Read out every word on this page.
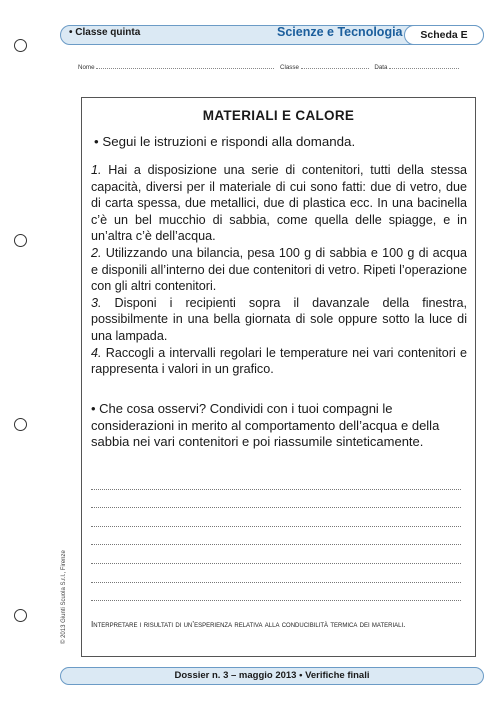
• Classe quinta	Scienze e Tecnologia	Scheda E
Nome	Classe	Data
MATERIALI E CALORE
• Segui le istruzioni e rispondi alla domanda.

1. Hai a disposizione una serie di contenitori, tutti della stessa capacità, diversi per il materiale di cui sono fatti: due di vetro, due di carta spessa, due metallici, due di plastica ecc. In una bacinella c’è un bel mucchio di sabbia, come quella delle spiagge, e in un’altra c’è dell’acqua.

2. Utilizzando una bilancia, pesa 100 g di sabbia e 100 g di acqua e disponili all’interno dei due contenitori di vetro. Ripeti l’operazione con gli altri contenitori.

3. Disponi i recipienti sopra il davanzale della finestra, possibilmente in una bella giornata di sole oppure sotto la luce di una lampada.

4. Raccogli a intervalli regolari le temperature nei vari contenitori e rappresenta i valori in un grafico.

• Che cosa osservi? Condividi con i tuoi compagni le considerazioni in merito al comportamento dell’acqua e della sabbia nei vari contenitori e poi riassumile sinteticamente.
Interpretare i risultati di un’esperienza relativa alla conducibilità termica dei materiali.
© 2013 Giunti Scuola S.r.l., Firenze
Dossier n. 3 – maggio 2013 • Verifiche finali
